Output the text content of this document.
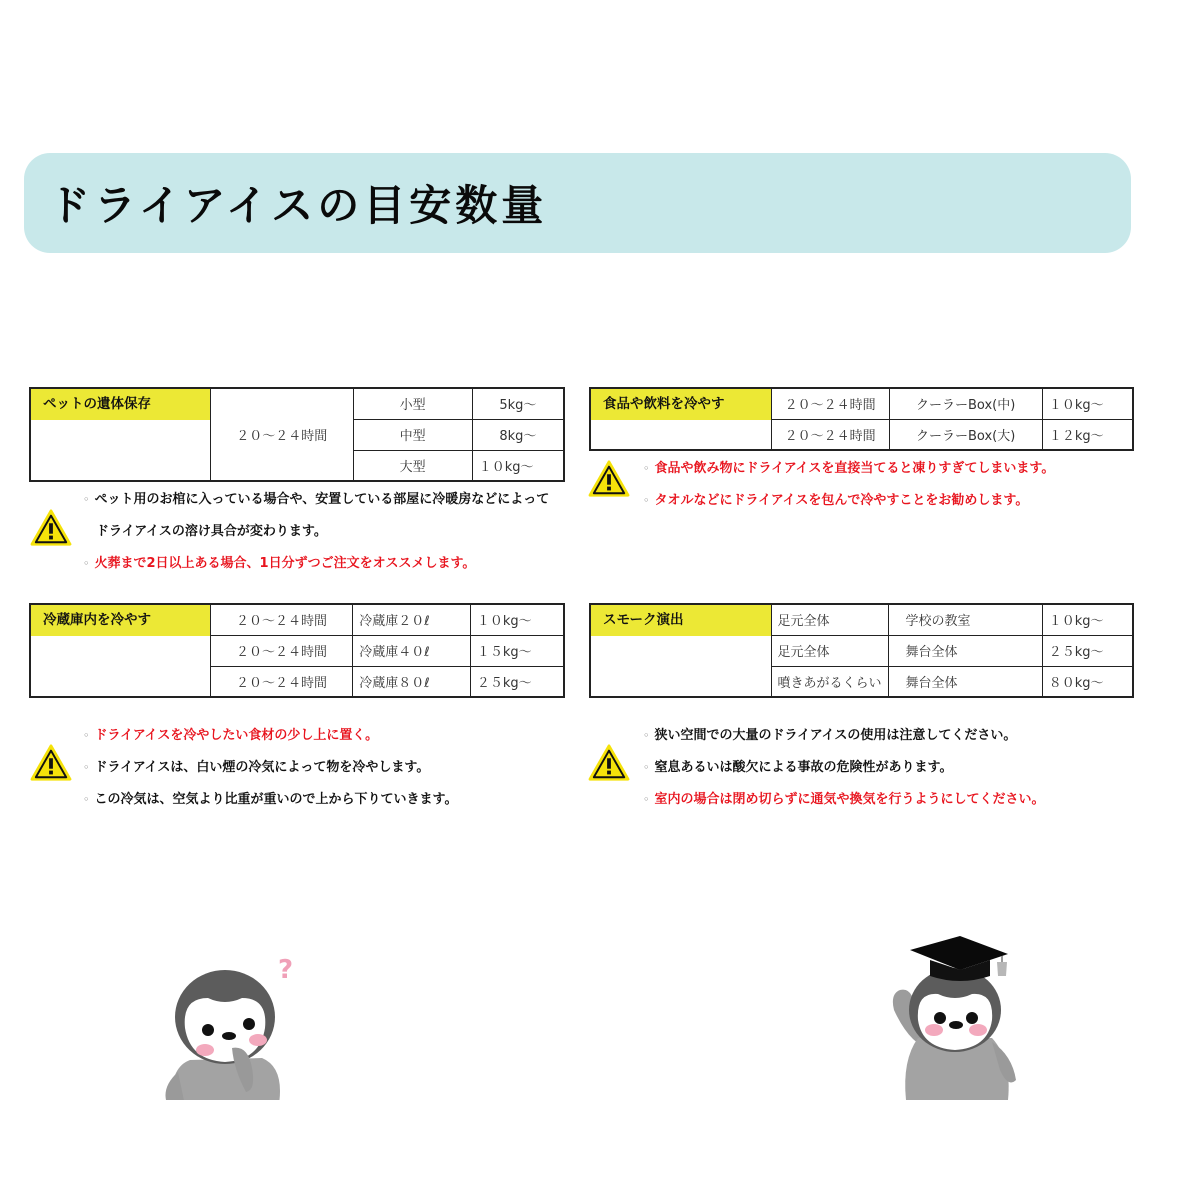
ドライアイスの目安数量
ペットの遺体保存	２０～２４時間	小型	5kg～
		中型	8kg～
		大型	１０kg～
◦ ペット用のお棺に入っている場合や、安置している部屋に冷暖房などによって
ドライアイスの溶け具合が変わります。
◦ 火葬まで2日以上ある場合、1日分ずつご注文をオススメします。
食品や飲料を冷やす	２０～２４時間	クーラーBox(中)	１０kg～
	２０～２４時間	クーラーBox(大)	１２kg～
◦ 食品や飲み物にドライアイスを直接当てると凍りすぎてしまいます。
◦ タオルなどにドライアイスを包んで冷やすことをお勧めします。
冷蔵庫内を冷やす	２０～２４時間	冷蔵庫２０ℓ	１０kg～
	２０～２４時間	冷蔵庫４０ℓ	１５kg～
	２０～２４時間	冷蔵庫８０ℓ	２５kg～
◦ ドライアイスを冷やしたい食材の少し上に置く。
◦ ドライアイスは、白い煙の冷気によって物を冷やします。
◦ この冷気は、空気より比重が重いので上から下りていきます。
スモーク演出	足元全体	学校の教室	１０kg～
	足元全体	舞台全体	２５kg～
	噴きあがるくらい	舞台全体	８０kg～
◦ 狭い空間での大量のドライアイスの使用は注意してください。
◦ 窒息あるいは酸欠による事故の危険性があります。
◦ 室内の場合は閉め切らずに通気や換気を行うようにしてください。
?
